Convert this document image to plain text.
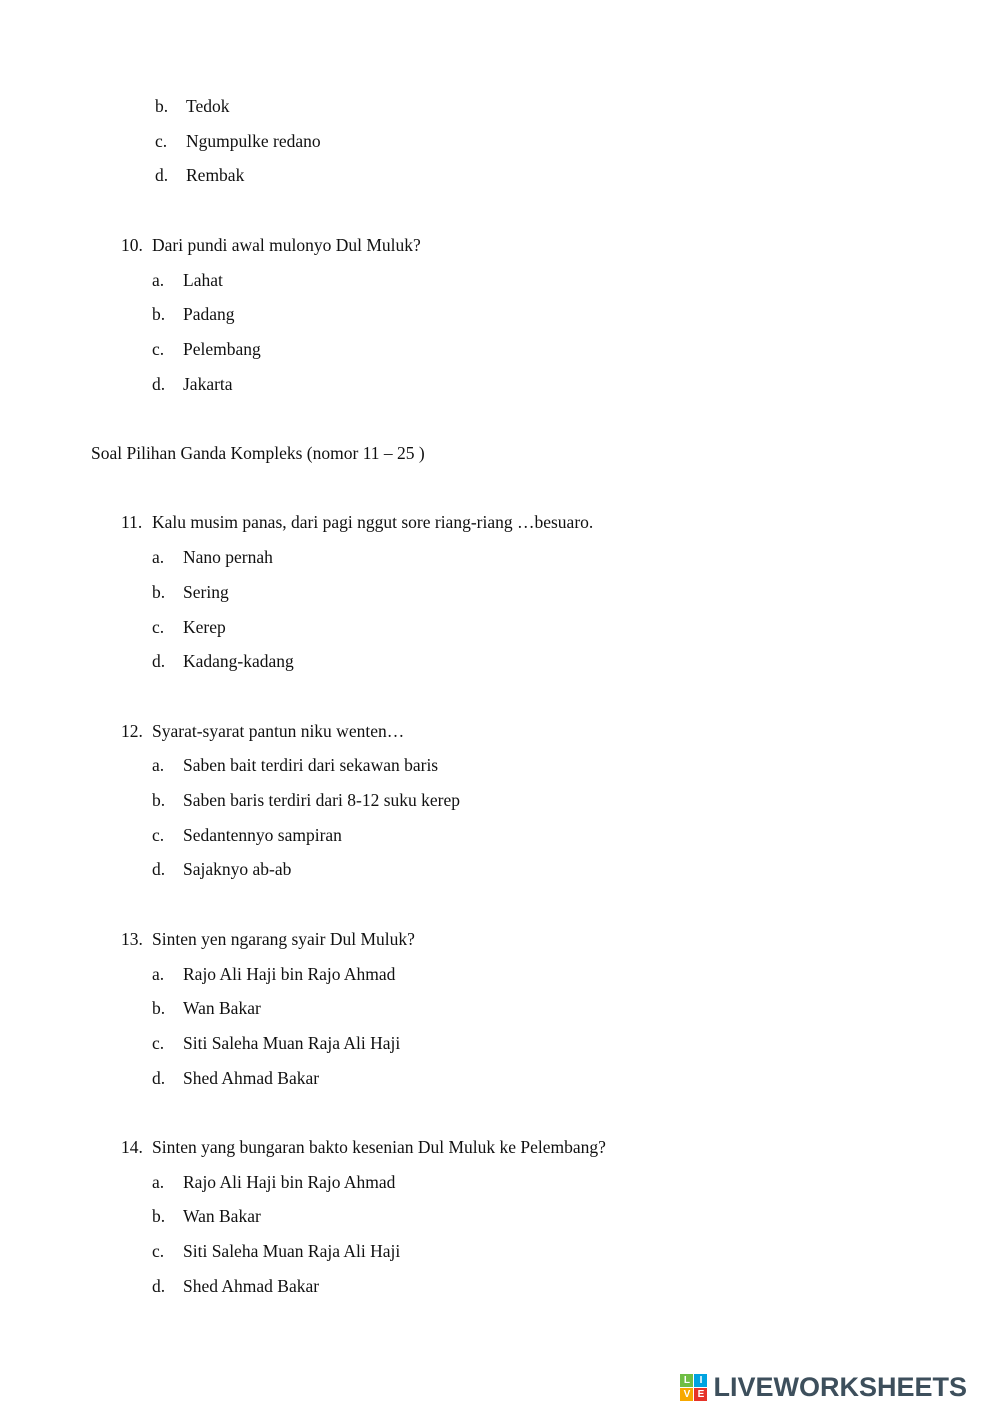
b.	Tedok
c.	Ngumpulke redano
d.	Rembak
10. Dari pundi awal mulonyo Dul Muluk?
a.	Lahat
b.	Padang
c.	Pelembang
d.	Jakarta
Soal Pilihan Ganda Kompleks (nomor 11 – 25 )
11. Kalu musim panas, dari pagi nggut sore riang-riang …besuaro.
a.	Nano pernah
b.	Sering
c.	Kerep
d.	Kadang-kadang
12. Syarat-syarat pantun niku wenten…
a.	Saben bait terdiri dari sekawan baris
b.	Saben baris terdiri dari 8-12 suku kerep
c.	Sedantennyo sampiran
d.	Sajaknyo ab-ab
13. Sinten yen ngarang syair Dul Muluk?
a.	Rajo Ali Haji bin Rajo Ahmad
b.	Wan Bakar
c.	Siti Saleha Muan Raja Ali Haji
d.	Shed Ahmad Bakar
14. Sinten yang bungaran bakto kesenian Dul Muluk ke Pelembang?
a.	Rajo Ali Haji bin Rajo Ahmad
b.	Wan Bakar
c.	Siti Saleha Muan Raja Ali Haji
d.	Shed Ahmad Bakar
L I
V E LIVEWORKSHEETS
